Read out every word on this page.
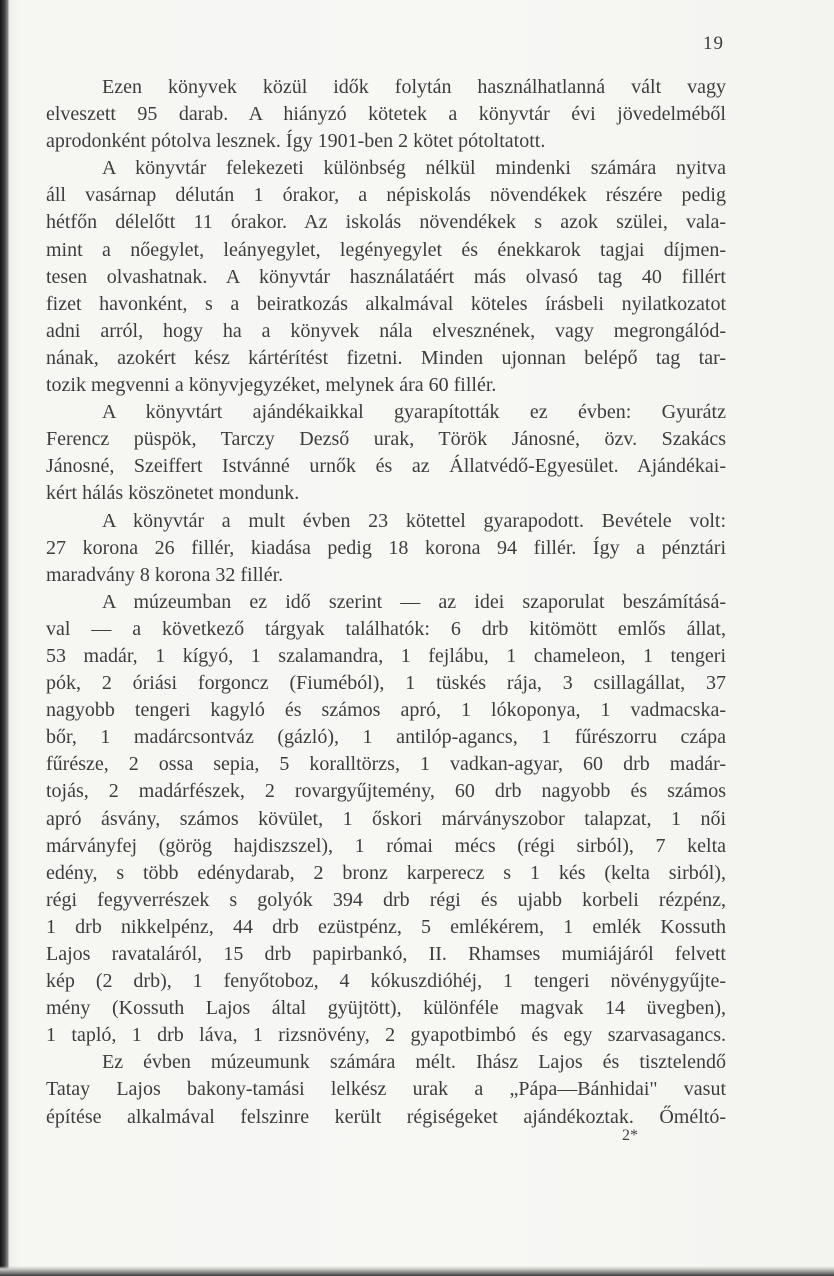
19
Ezen könyvek közül idők folytán használhatlanná vált vagy
elveszett 95 darab. A hiányzó kötetek a könyvtár évi jövedelméből
aprodonként pótolva lesznek. Így 1901-ben 2 kötet pótoltatott.
A könyvtár felekezeti különbség nélkül mindenki számára nyitva
áll vasárnap délután 1 órakor, a népiskolás növendékek részére pedig
hétfőn délelőtt 11 órakor. Az iskolás növendékek s azok szülei, vala-
mint a nőegylet, leányegylet, legényegylet és énekkarok tagjai díjmen-
tesen olvashatnak. A könyvtár használatáért más olvasó tag 40 fillért
fizet havonként, s a beiratkozás alkalmával köteles írásbeli nyilatkozatot
adni arról, hogy ha a könyvek nála elvesznének, vagy megrongálód-
nának, azokért kész kártérítést fizetni. Minden ujonnan belépő tag tar-
tozik megvenni a könyvjegyzéket, melynek ára 60 fillér.
A könyvtárt ajándékaikkal gyarapították ez évben: Gyurátz
Ferencz püspök, Tarczy Dezső urak, Török Jánosné, özv. Szakács
Jánosné, Szeiffert Istvánné urnők és az Állatvédő-Egyesület. Ajándékai-
kért hálás köszönetet mondunk.
A könyvtár a mult évben 23 kötettel gyarapodott. Bevétele volt:
27 korona 26 fillér, kiadása pedig 18 korona 94 fillér. Így a pénztári
maradvány 8 korona 32 fillér.
A múzeumban ez idő szerint — az idei szaporulat beszámításá-
val — a következő tárgyak találhatók: 6 drb kitömött emlős állat,
53 madár, 1 kígyó, 1 szalamandra, 1 fejlábu, 1 chameleon, 1 tengeri
pók, 2 óriási forgoncz (Fiuméból), 1 tüskés rája, 3 csillagállat, 37
nagyobb tengeri kagyló és számos apró, 1 lókoponya, 1 vadmacska-
bőr, 1 madárcsontváz (gázló), 1 antilóp-agancs, 1 fűrészorru czápa
fűrésze, 2 ossa sepia, 5 koralltörzs, 1 vadkan-agyar, 60 drb madár-
tojás, 2 madárfészek, 2 rovargyűjtemény, 60 drb nagyobb és számos
apró ásvány, számos kövület, 1 őskori márványszobor talapzat, 1 női
márványfej (görög hajdiszszel), 1 római mécs (régi sirból), 7 kelta
edény, s több edénydarab, 2 bronz karperecz s 1 kés (kelta sirból),
régi fegyverrészek s golyók 394 drb régi és ujabb korbeli rézpénz,
1 drb nikkelpénz, 44 drb ezüstpénz, 5 emlékérem, 1 emlék Kossuth
Lajos ravataláról, 15 drb papirbankó, II. Rhamses mumiájáról felvett
kép (2 drb), 1 fenyőtoboz, 4 kókuszdióhéj, 1 tengeri növénygyűjte-
mény (Kossuth Lajos által gyüjtött), különféle magvak 14 üvegben),
1 tapló, 1 drb láva, 1 rizsnövény, 2 gyapotbimbó és egy szarvasagancs.
Ez évben múzeumunk számára mélt. Ihász Lajos és tisztelendő
Tatay Lajos bakony-tamási lelkész urak a „Pápa—Bánhidai" vasut
építése alkalmával felszinre került régiségeket ajándékoztak. Őméltó-
2*
